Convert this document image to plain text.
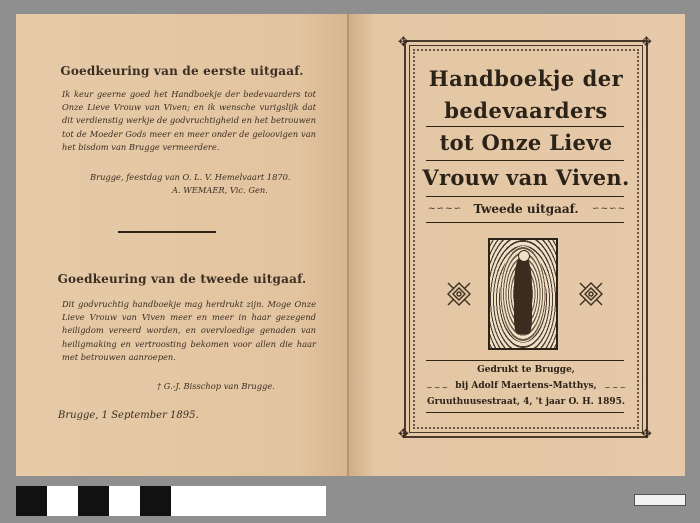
Goedkeuring van de eerste uitgaaf.
Ik keur geerne goed het Handboekje der bedevaarders tot Onze Lieve Vrouw van Viven; en ik wensche vurigslijk dat dit verdienstig werkje de godvruchtigheid en het betrouwen tot de Moeder Gods meer en meer onder de geloovigen van het bisdom van Brugge vermeerdere.
Brugge, feestdag van O. L. V. Hemelvaart 1870.
A. WEMAER, Vic. Gen.
Goedkeuring van de tweede uitgaaf.
Dit godvruchtig handboekje mag herdrukt zijn. Moge Onze Lieve Vrouw van Viven meer en meer in haar gezegend heiligdom vereerd worden, en overvloedige genaden van heiligmaking en vertroosting bekomen voor allen die haar met betrouwen aanroepen.
† G.-J. Bisschop van Brugge.
Brugge, 1 September 1895.
✥	✥
✥	✥
Handboekje der
bedevaarders
tot Onze Lieve
Vrouw van Viven.
~∽~∽ Tweede uitgaaf.	∽~∽~
Gedrukt te Brugge,
∽∽∽ bij Adolf Maertens-Matthys, ∽∽∽
Gruuthuusestraat, 4, 't jaar O. H. 1895.
